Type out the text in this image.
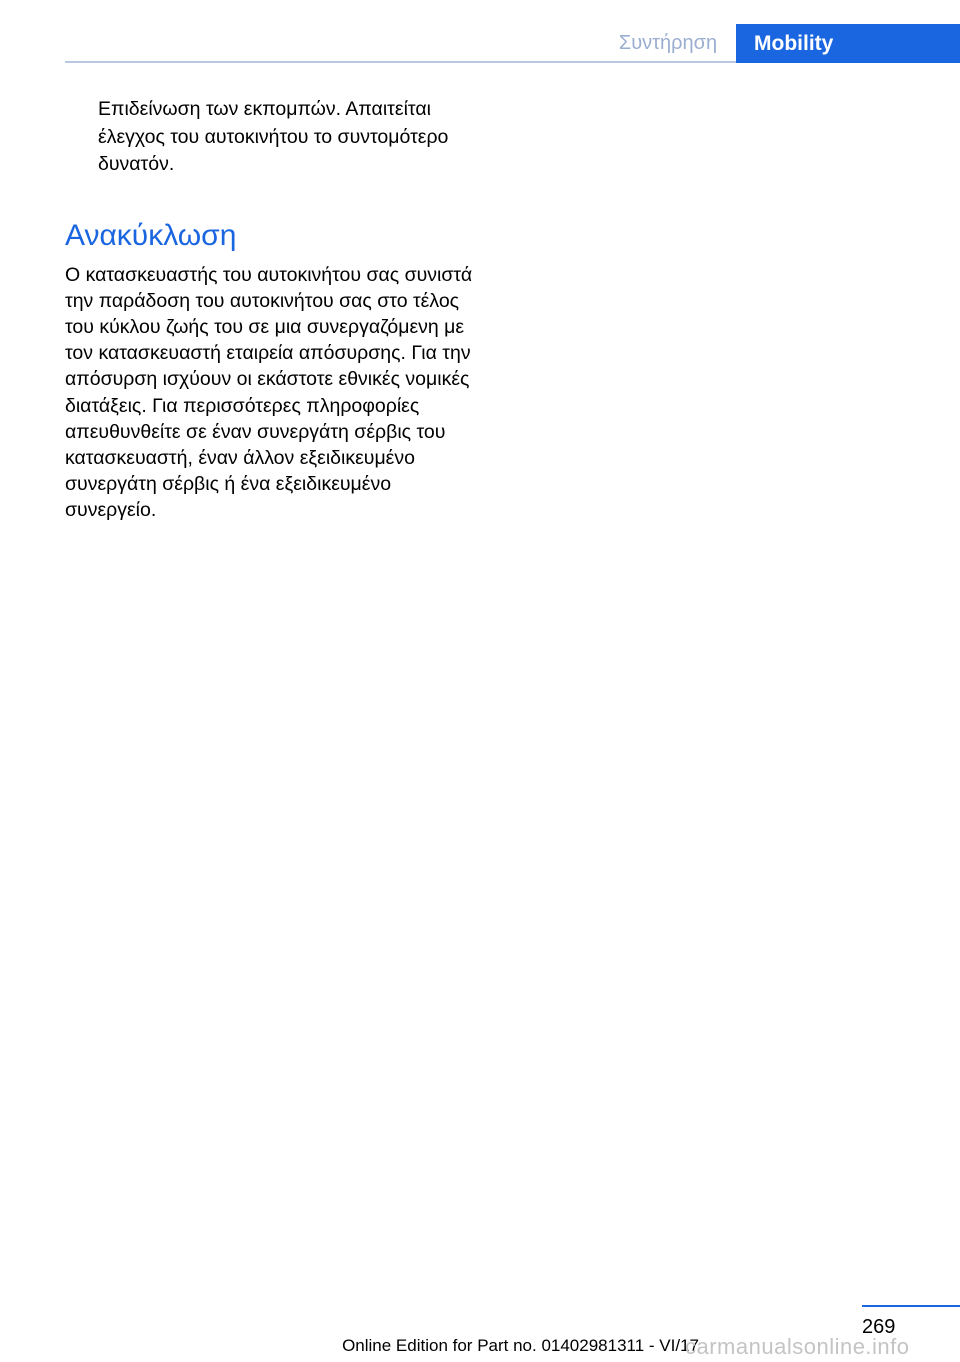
Συντήρηση	Mobility

Επιδείνωση των εκπομπών. Απαιτείται έλεγχος του αυτοκινήτου το συντομότερο δυνατόν.

Ανακύκλωση

Ο κατασκευαστής του αυτοκινήτου σας συνιστά την παράδοση του αυτοκινήτου σας στο τέλος του κύκλου ζωής του σε μια συνεργαζόμενη με τον κατασκευαστή εταιρεία απόσυρσης. Για την απόσυρση ισχύουν οι εκάστοτε εθνικές νομικές διατάξεις. Για περισσότερες πληροφορίες απευθυνθείτε σε έναν συνεργάτη σέρβις του κατασκευαστή, έναν άλλον εξειδικευμένο συνεργάτη σέρβις ή ένα εξειδικευμένο συνεργείο.

269
Online Edition for Part no. 01402981311 - VI/17
carmanualsonline.info
